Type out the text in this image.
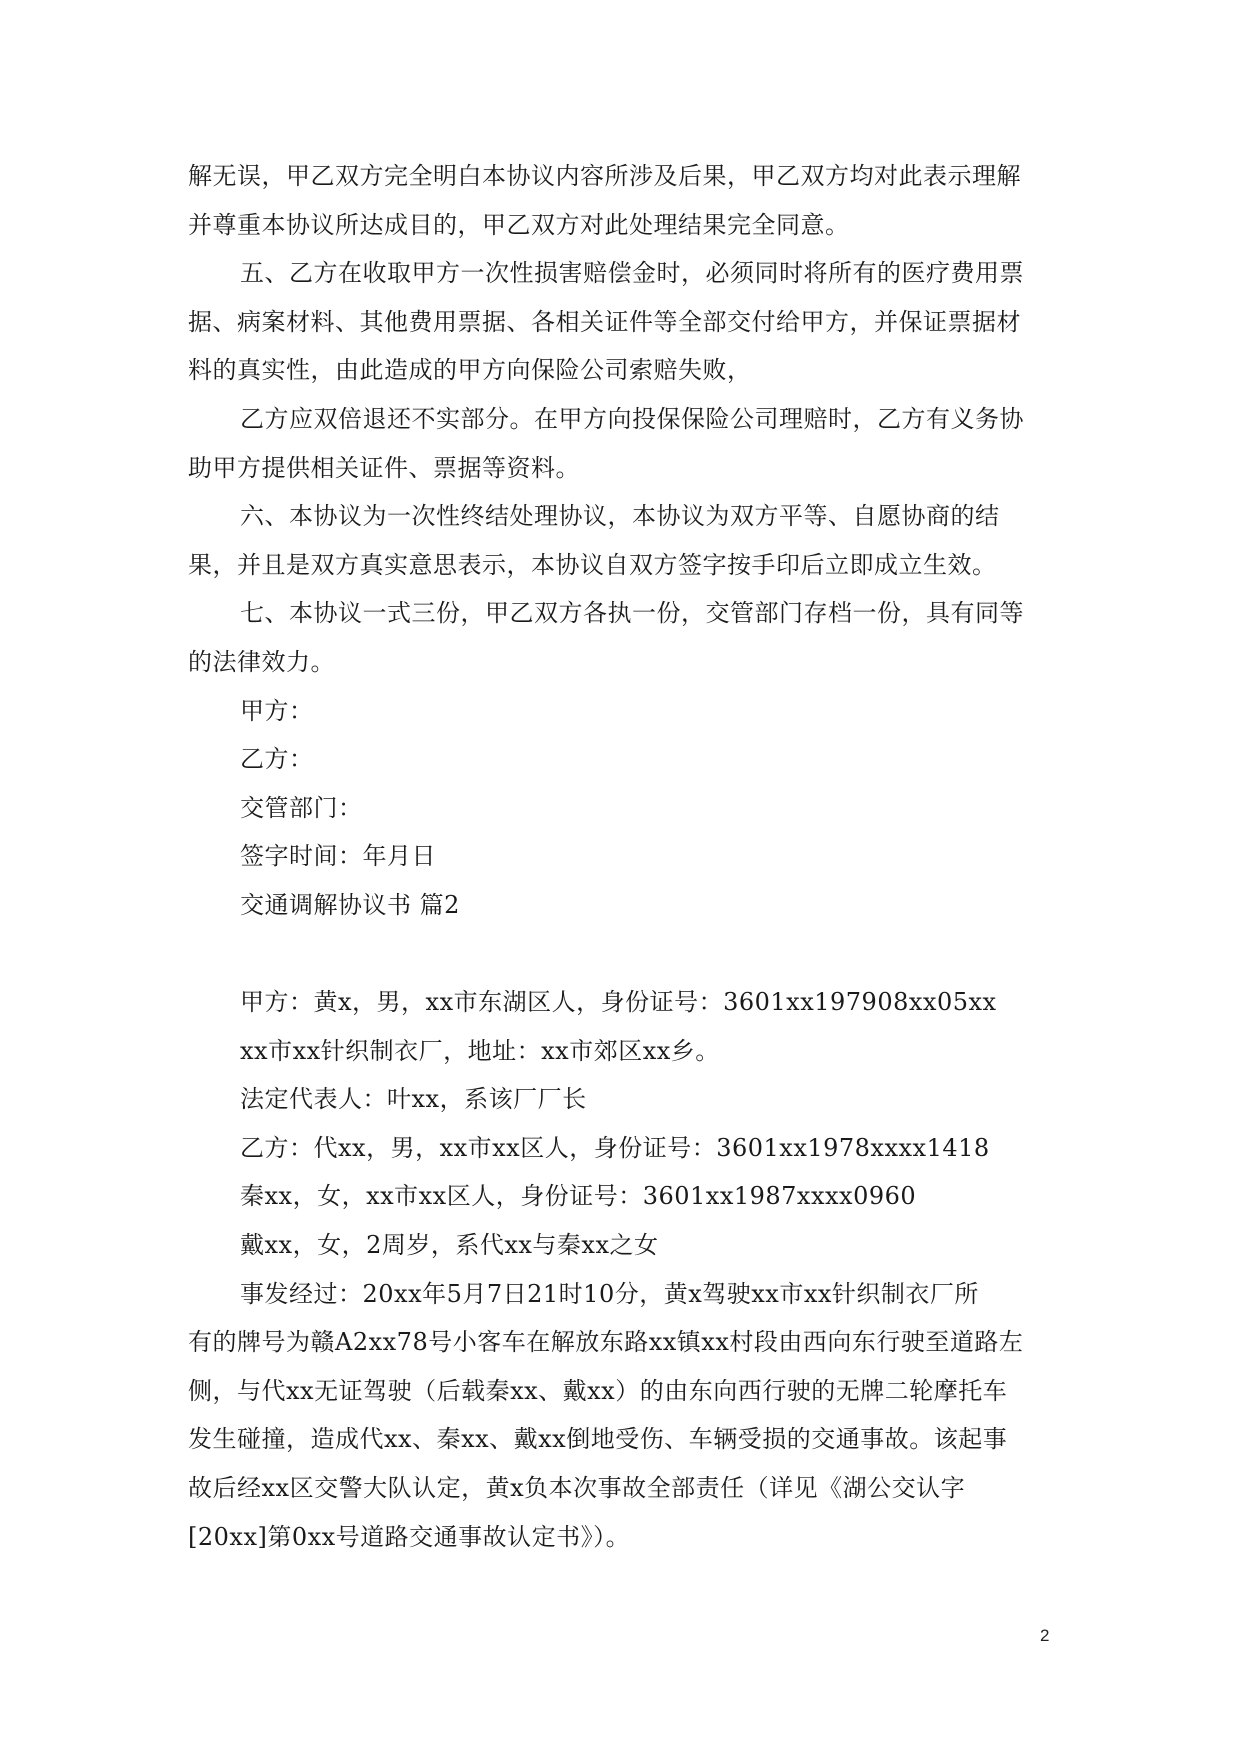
解无误，甲乙双方完全明白本协议内容所涉及后果，甲乙双方均对此表示理解
并尊重本协议所达成目的，甲乙双方对此处理结果完全同意。
五、乙方在收取甲方一次性损害赔偿金时，必须同时将所有的医疗费用票
据、病案材料、其他费用票据、各相关证件等全部交付给甲方，并保证票据材
料的真实性，由此造成的甲方向保险公司索赔失败，
乙方应双倍退还不实部分。在甲方向投保保险公司理赔时，乙方有义务协
助甲方提供相关证件、票据等资料。
六、本协议为一次性终结处理协议，本协议为双方平等、自愿协商的结
果，并且是双方真实意思表示，本协议自双方签字按手印后立即成立生效。
七、本协议一式三份，甲乙双方各执一份，交管部门存档一份，具有同等
的法律效力。
甲方：
乙方：
交管部门：
签字时间：年月日
交通调解协议书 篇2
甲方：黄x，男，xx市东湖区人，身份证号：3601xx197908xx05xx
xx市xx针织制衣厂，地址：xx市郊区xx乡。
法定代表人：叶xx，系该厂厂长
乙方：代xx，男，xx市xx区人，身份证号：3601xx1978xxxx1418
秦xx，女，xx市xx区人，身份证号：3601xx1987xxxx0960
戴xx，女，2周岁，系代xx与秦xx之女
事发经过：20xx年5月7日21时10分，黄x驾驶xx市xx针织制衣厂所
有的牌号为赣A2xx78号小客车在解放东路xx镇xx村段由西向东行驶至道路左
侧，与代xx无证驾驶（后载秦xx、戴xx）的由东向西行驶的无牌二轮摩托车
发生碰撞，造成代xx、秦xx、戴xx倒地受伤、车辆受损的交通事故。该起事
故后经xx区交警大队认定，黄x负本次事故全部责任（详见《湖公交认字
[20xx]第0xx号道路交通事故认定书》）。
2
